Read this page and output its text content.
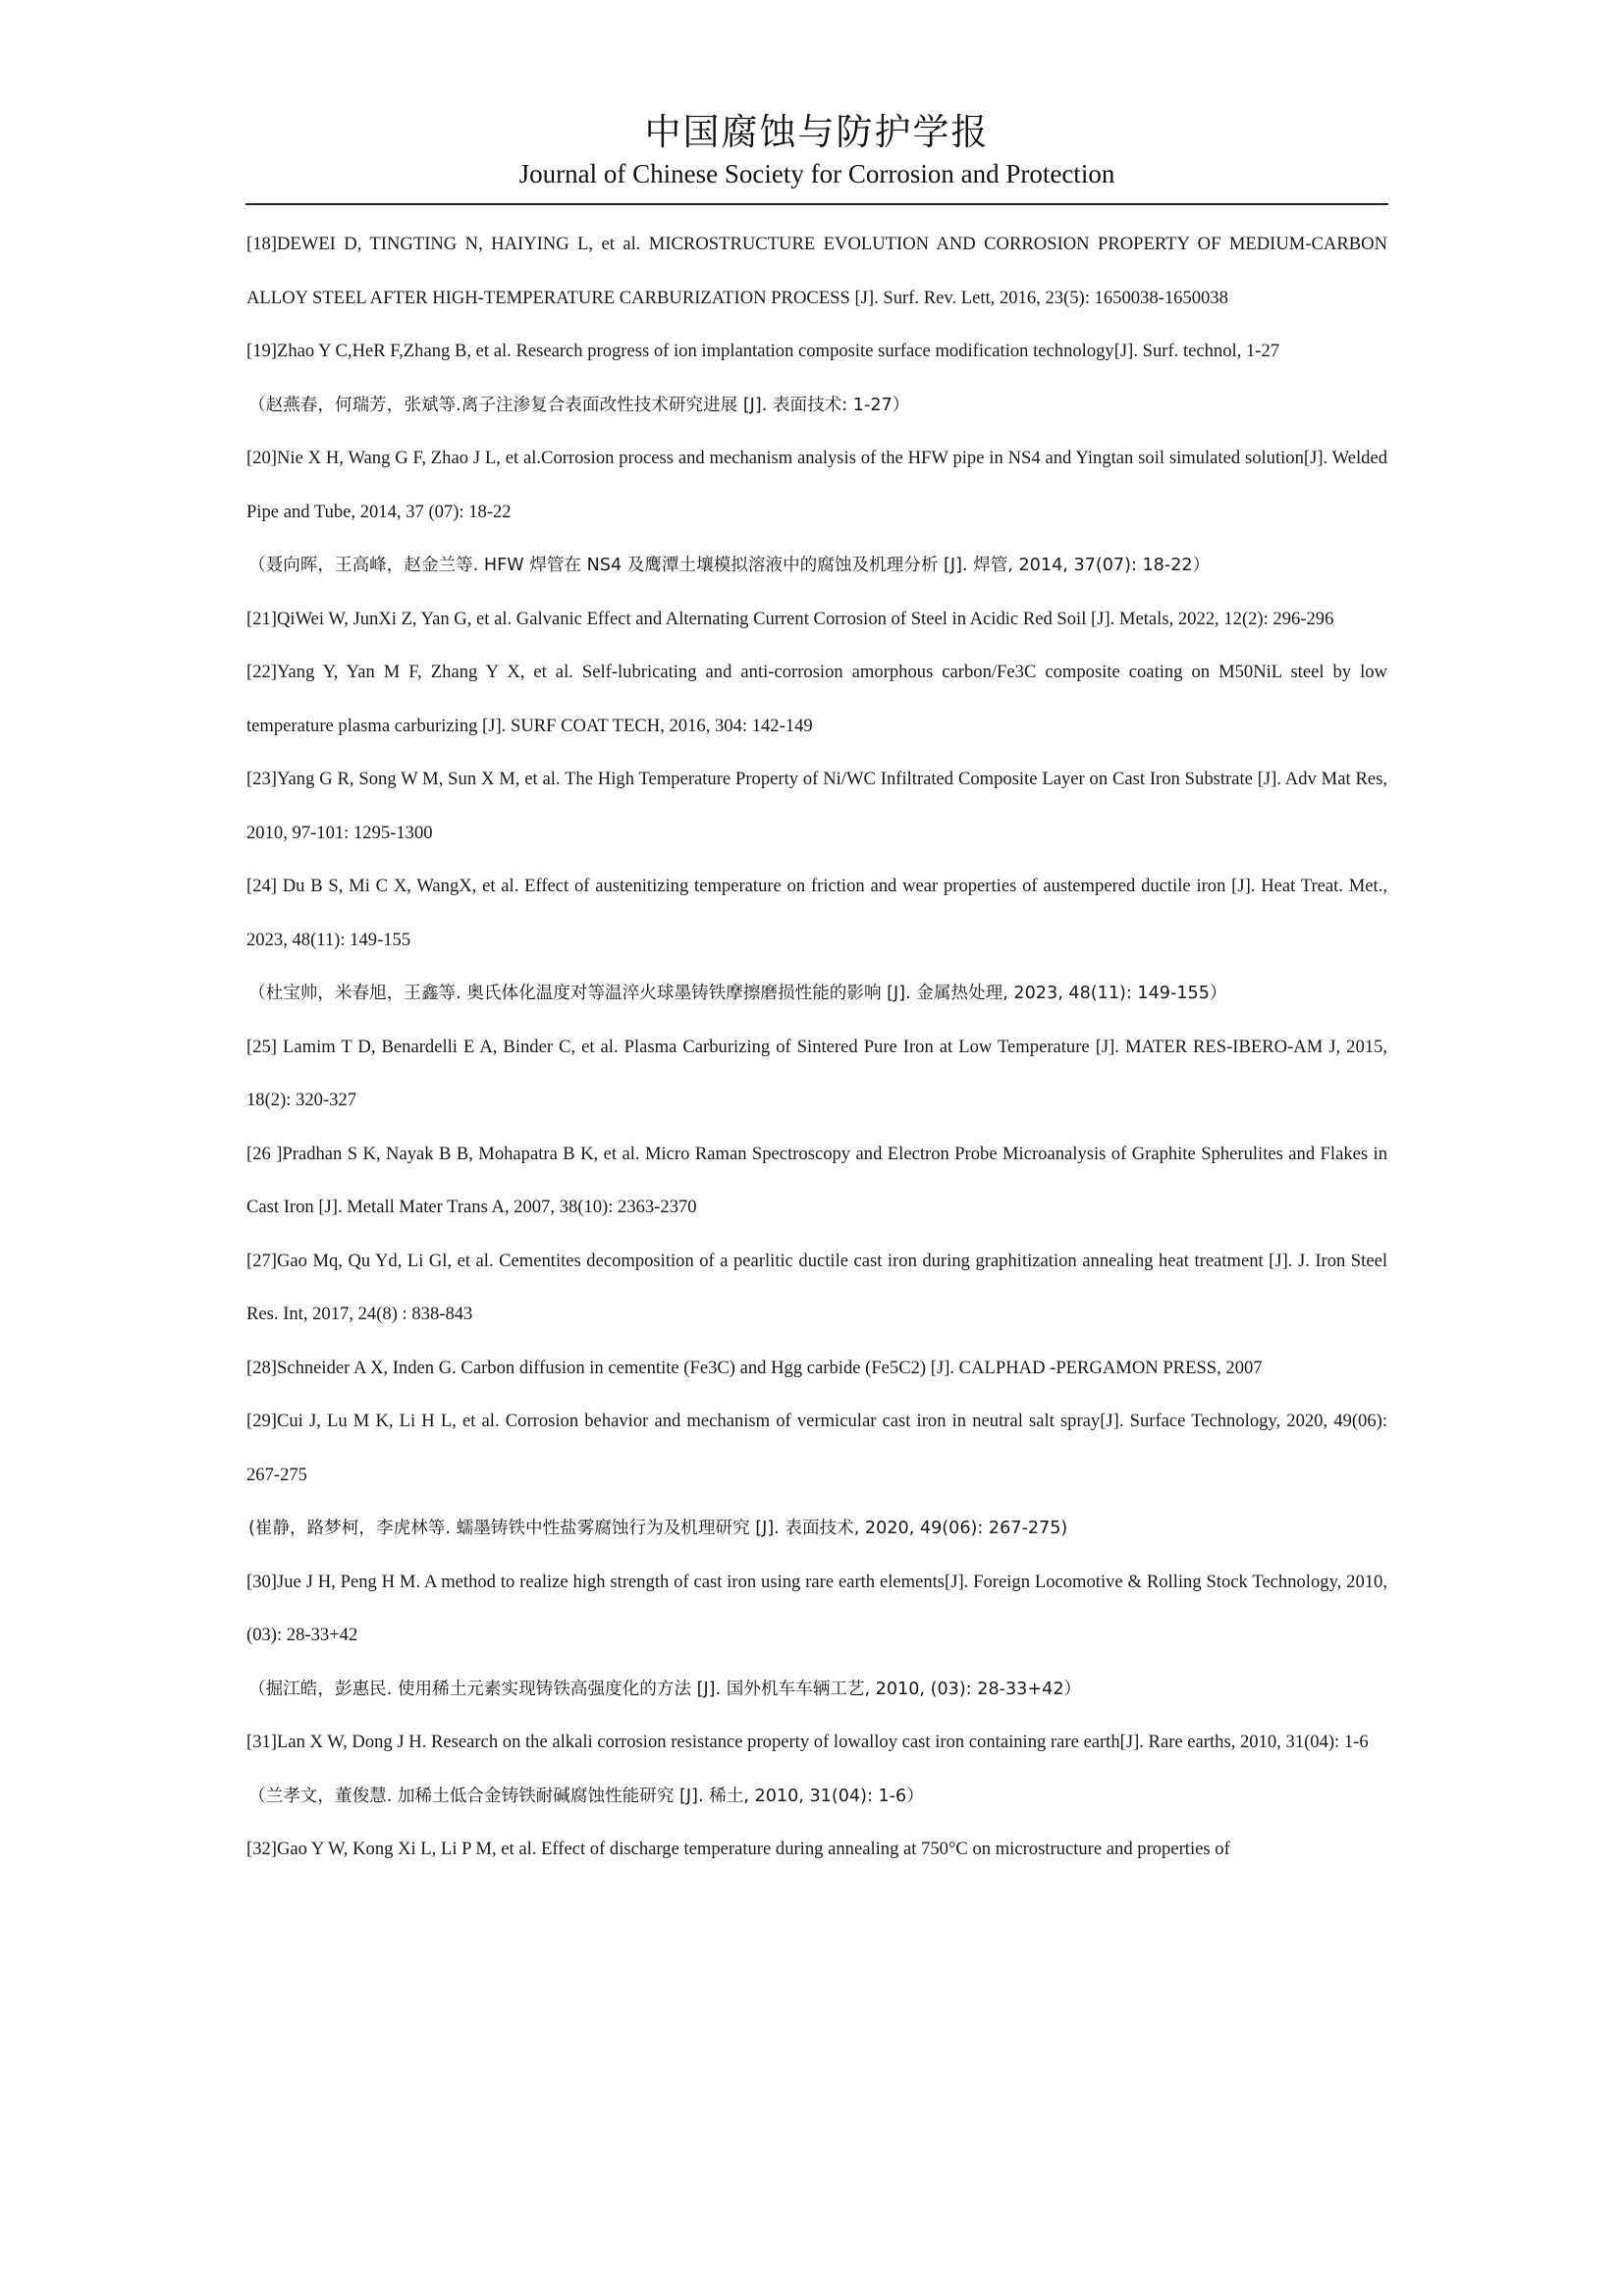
中国腐蚀与防护学报
Journal of Chinese Society for Corrosion and Protection

[18]DEWEI D, TINGTING N, HAIYING L, et al. MICROSTRUCTURE EVOLUTION AND CORROSION PROPERTY OF MEDIUM-CARBON ALLOY STEEL AFTER HIGH-TEMPERATURE CARBURIZATION PROCESS [J]. Surf. Rev. Lett, 2016, 23(5): 1650038-1650038

[19]Zhao Y C,HeR F,Zhang B, et al. Research progress of ion implantation composite surface modification technology[J]. Surf. technol, 1-27

（赵燕春，何瑞芳，张斌等.离子注渗复合表面改性技术研究进展 [J]. 表面技术: 1-27）

[20]Nie X H, Wang G F, Zhao J L, et al.Corrosion process and mechanism analysis of the HFW pipe in NS4 and Yingtan soil simulated solution[J]. Welded Pipe and Tube, 2014, 37 (07): 18-22

（聂向晖，王高峰，赵金兰等. HFW 焊管在 NS4 及鹰潭土壤模拟溶液中的腐蚀及机理分析 [J]. 焊管, 2014, 37(07): 18-22）

[21]QiWei W, JunXi Z, Yan G, et al. Galvanic Effect and Alternating Current Corrosion of Steel in Acidic Red Soil [J]. Metals, 2022, 12(2): 296-296

[22]Yang Y, Yan M F, Zhang Y X, et al. Self-lubricating and anti-corrosion amorphous carbon/Fe3C composite coating on M50NiL steel by low temperature plasma carburizing [J]. SURF COAT TECH, 2016, 304: 142-149

[23]Yang G R, Song W M, Sun X M, et al. The High Temperature Property of Ni/WC Infiltrated Composite Layer on Cast Iron Substrate [J]. Adv Mat Res, 2010, 97-101: 1295-1300

[24] Du B S, Mi C X, WangX, et al. Effect of austenitizing temperature on friction and wear properties of austempered ductile iron [J]. Heat Treat. Met., 2023, 48(11): 149-155

（杜宝帅，米春旭，王鑫等. 奥氏体化温度对等温淬火球墨铸铁摩擦磨损性能的影响 [J]. 金属热处理, 2023, 48(11): 149-155）

[25] Lamim T D, Benardelli E A, Binder C, et al. Plasma Carburizing of Sintered Pure Iron at Low Temperature [J]. MATER RES-IBERO-AM J, 2015, 18(2): 320-327

[26 ]Pradhan S K, Nayak B B, Mohapatra B K, et al. Micro Raman Spectroscopy and Electron Probe Microanalysis of Graphite Spherulites and Flakes in Cast Iron [J]. Metall Mater Trans A, 2007, 38(10): 2363-2370

[27]Gao Mq, Qu Yd, Li Gl, et al. Cementites decomposition of a pearlitic ductile cast iron during graphitization annealing heat treatment [J]. J. Iron Steel Res. Int, 2017, 24(8) : 838-843

[28]Schneider A X, Inden G. Carbon diffusion in cementite (Fe3C) and Hgg carbide (Fe5C2) [J]. CALPHAD -PERGAMON PRESS, 2007

[29]Cui J, Lu M K, Li H L, et al. Corrosion behavior and mechanism of vermicular cast iron in neutral salt spray[J]. Surface Technology, 2020, 49(06): 267-275

(崔静，路梦柯，李虎林等. 蠕墨铸铁中性盐雾腐蚀行为及机理研究 [J]. 表面技术, 2020, 49(06): 267-275)

[30]Jue J H, Peng H M. A method to realize high strength of cast iron using rare earth elements[J]. Foreign Locomotive & Rolling Stock Technology, 2010, (03): 28-33+42

（掘江皓，彭惠民. 使用稀土元素实现铸铁高强度化的方法 [J]. 国外机车车辆工艺, 2010, (03): 28-33+42）

[31]Lan X W, Dong J H. Research on the alkali corrosion resistance property of lowalloy cast iron containing rare earth[J]. Rare earths, 2010, 31(04): 1-6

（兰孝文，董俊慧. 加稀土低合金铸铁耐碱腐蚀性能研究 [J]. 稀土, 2010, 31(04): 1-6）

[32]Gao Y W, Kong Xi L, Li P M, et al. Effect of discharge temperature during annealing at 750°C on microstructure and properties of
